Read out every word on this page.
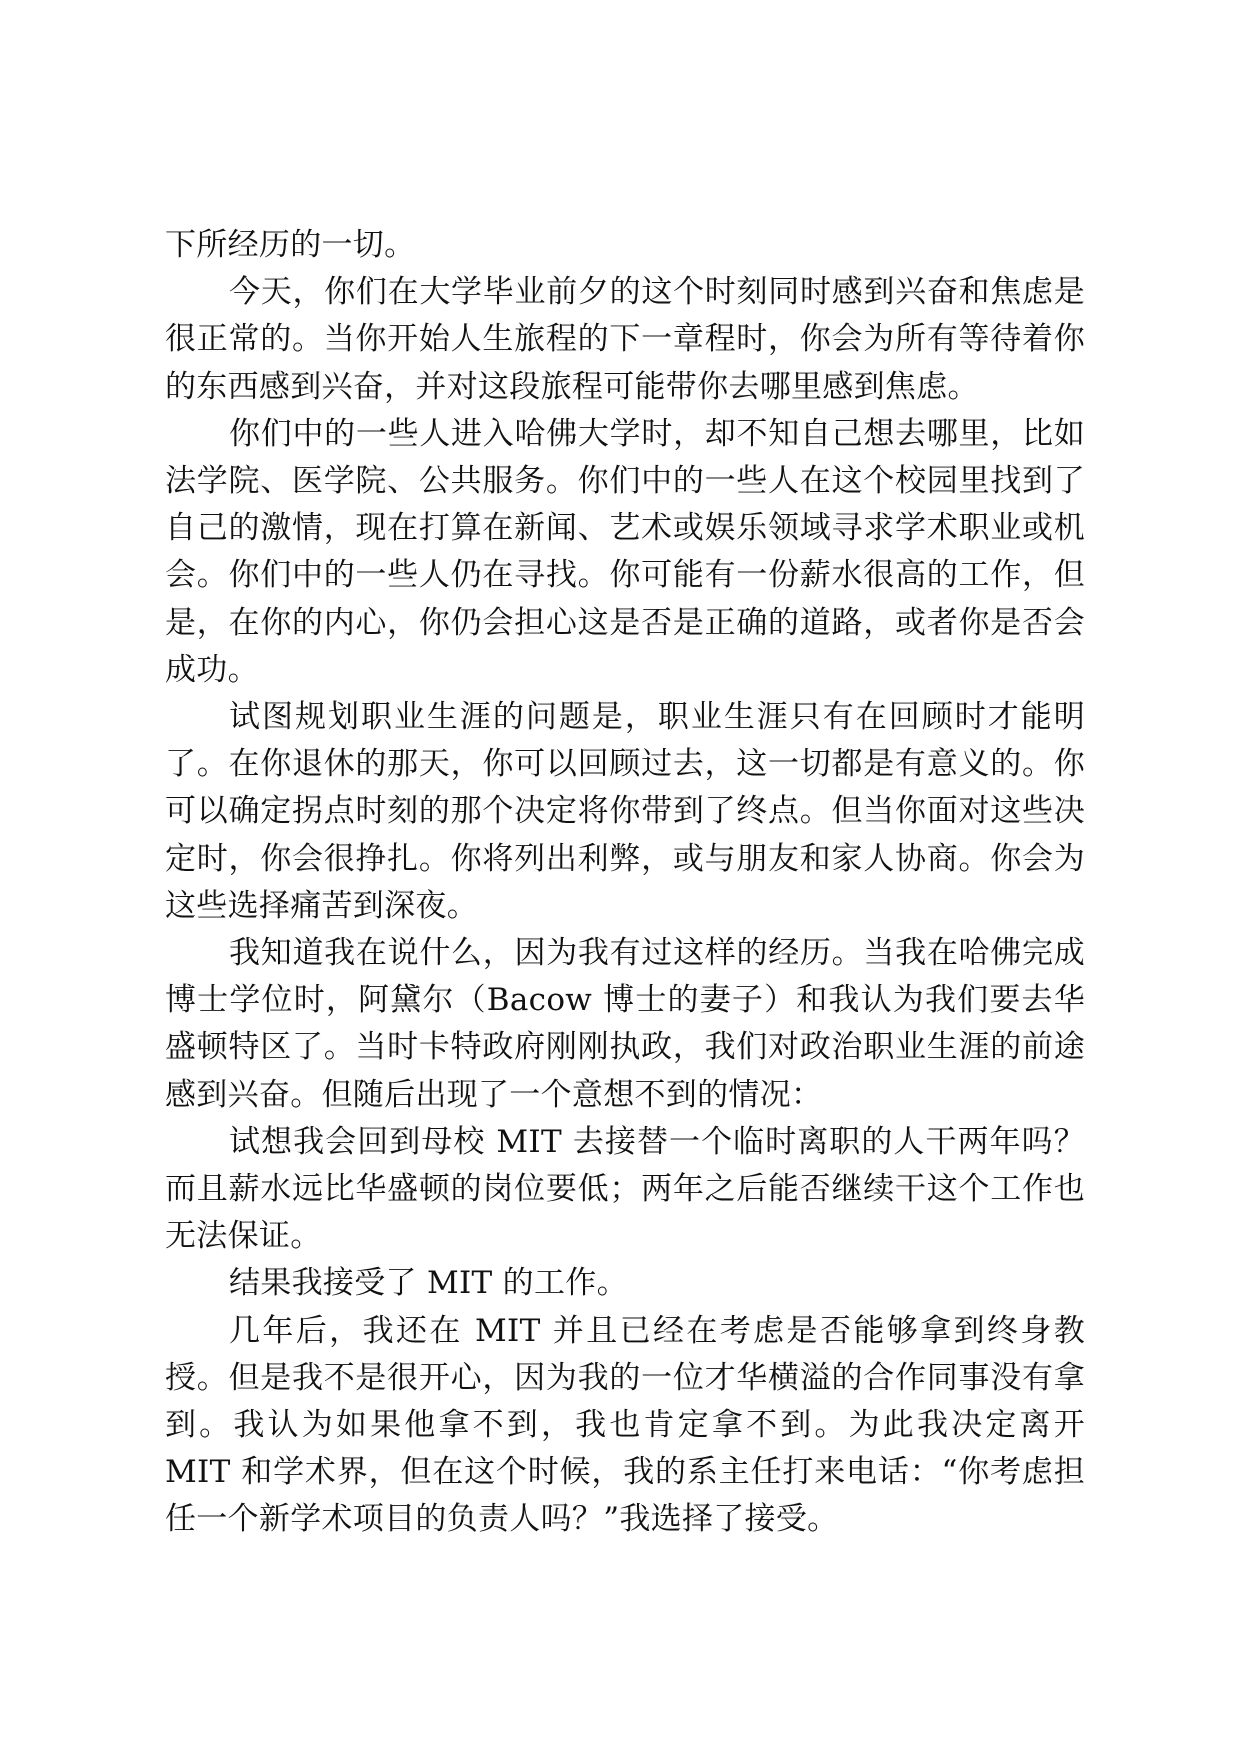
下所经历的一切。

今天，你们在大学毕业前夕的这个时刻同时感到兴奋和焦虑是很正常的。当你开始人生旅程的下一章程时，你会为所有等待着你的东西感到兴奋，并对这段旅程可能带你去哪里感到焦虑。

你们中的一些人进入哈佛大学时，却不知自己想去哪里，比如法学院、医学院、公共服务。你们中的一些人在这个校园里找到了自己的激情，现在打算在新闻、艺术或娱乐领域寻求学术职业或机会。你们中的一些人仍在寻找。你可能有一份薪水很高的工作，但是，在你的内心，你仍会担心这是否是正确的道路，或者你是否会成功。

试图规划职业生涯的问题是，职业生涯只有在回顾时才能明了。在你退休的那天，你可以回顾过去，这一切都是有意义的。你可以确定拐点时刻的那个决定将你带到了终点。但当你面对这些决定时，你会很挣扎。你将列出利弊，或与朋友和家人协商。你会为这些选择痛苦到深夜。

我知道我在说什么，因为我有过这样的经历。当我在哈佛完成博士学位时，阿黛尔（Bacow 博士的妻子）和我认为我们要去华盛顿特区了。当时卡特政府刚刚执政，我们对政治职业生涯的前途感到兴奋。但随后出现了一个意想不到的情况：

试想我会回到母校 MIT 去接替一个临时离职的人干两年吗？而且薪水远比华盛顿的岗位要低；两年之后能否继续干这个工作也无法保证。

结果我接受了 MIT 的工作。

几年后，我还在 MIT 并且已经在考虑是否能够拿到终身教授。但是我不是很开心，因为我的一位才华横溢的合作同事没有拿到。我认为如果他拿不到，我也肯定拿不到。为此我决定离开 MIT 和学术界，但在这个时候，我的系主任打来电话：“你考虑担任一个新学术项目的负责人吗？”我选择了接受。
